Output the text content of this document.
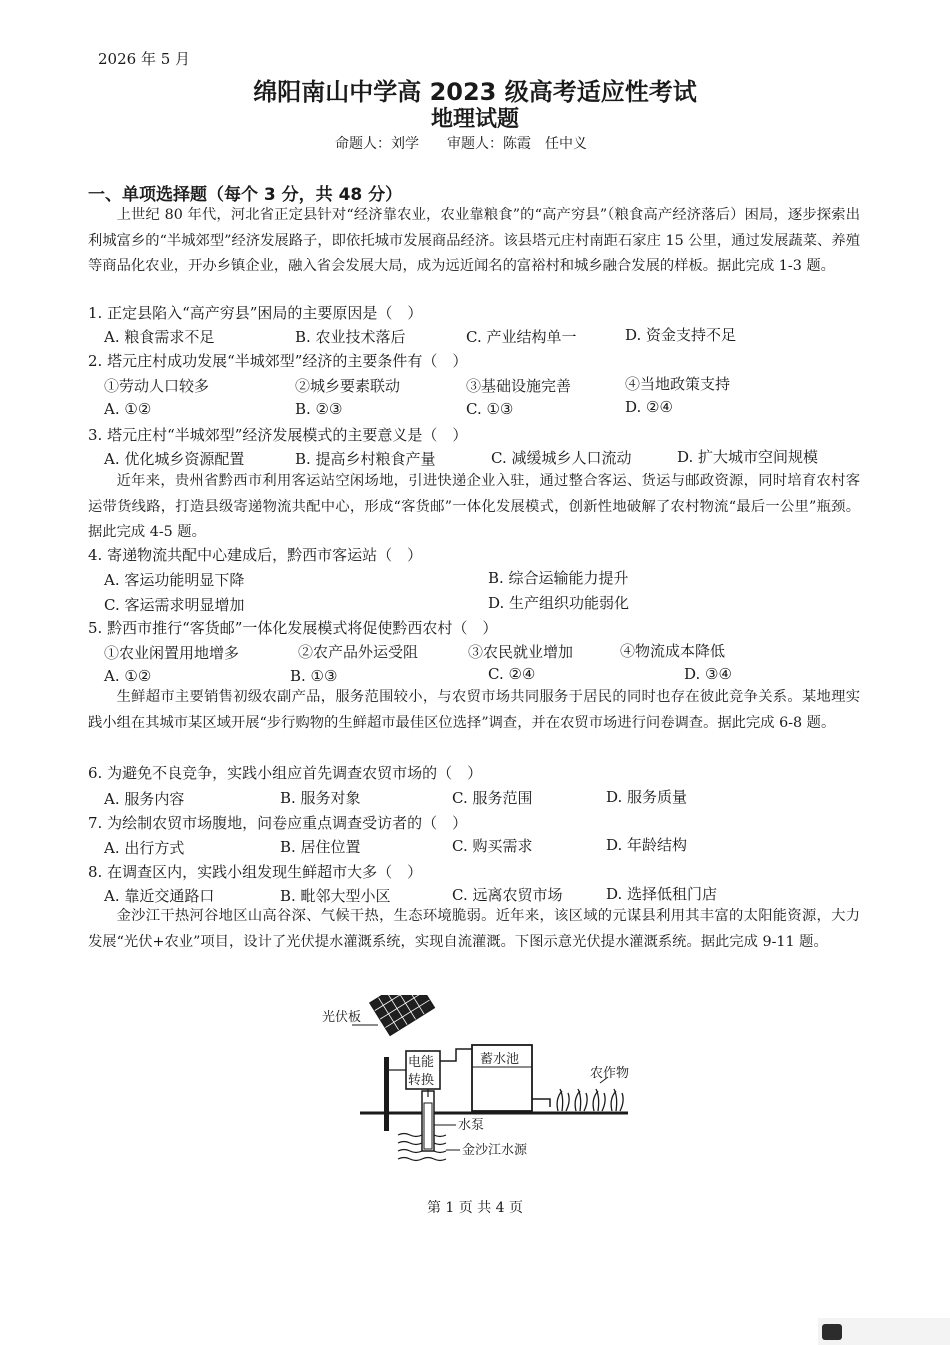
2026 年 5 月
绵阳南山中学高 2023 级高考适应性考试
地理试题
命题人：刘学　　审题人：陈霞　任中义
一、单项选择题（每个 3 分，共 48 分）
上世纪 80 年代，河北省正定县针对“经济靠农业，农业靠粮食”的“高产穷县”（粮食高产经济落后）困局，逐步探索出利城富乡的“半城郊型”经济发展路子，即依托城市发展商品经济。该县塔元庄村南距石家庄 15 公里，通过发展蔬菜、养殖等商品化农业，开办乡镇企业，融入省会发展大局，成为远近闻名的富裕村和城乡融合发展的样板。据此完成 1-3 题。
1. 正定县陷入“高产穷县”困局的主要原因是（　）
A. 粮食需求不足	B. 农业技术落后	C. 产业结构单一	D. 资金支持不足
2. 塔元庄村成功发展“半城郊型”经济的主要条件有（　）
①劳动人口较多	②城乡要素联动	③基础设施完善	④当地政策支持
A. ①②	B. ②③	C. ①③	D. ②④
3. 塔元庄村“半城郊型”经济发展模式的主要意义是（　）
A. 优化城乡资源配置	B. 提高乡村粮食产量	C. 减缓城乡人口流动	D. 扩大城市空间规模
近年来，贵州省黔西市利用客运站空闲场地，引进快递企业入驻，通过整合客运、货运与邮政资源，同时培育农村客运带货线路，打造县级寄递物流共配中心，形成“客货邮”一体化发展模式，创新性地破解了农村物流“最后一公里”瓶颈。据此完成 4-5 题。
4. 寄递物流共配中心建成后，黔西市客运站（　）
A. 客运功能明显下降	B. 综合运输能力提升
C. 客运需求明显增加	D. 生产组织功能弱化
5. 黔西市推行“客货邮”一体化发展模式将促使黔西农村（　）
①农业闲置用地增多	②农产品外运受阻	③农民就业增加	④物流成本降低
A. ①②	B. ①③	C. ②④	D. ③④
生鲜超市主要销售初级农副产品，服务范围较小，与农贸市场共同服务于居民的同时也存在彼此竞争关系。某地理实践小组在其城市某区域开展“步行购物的生鲜超市最佳区位选择”调查，并在农贸市场进行问卷调查。据此完成 6-8 题。
6. 为避免不良竞争，实践小组应首先调查农贸市场的（　）
A. 服务内容	B. 服务对象	C. 服务范围	D. 服务质量
7. 为绘制农贸市场腹地，问卷应重点调查受访者的（　）
A. 出行方式	B. 居住位置	C. 购买需求	D. 年龄结构
8. 在调查区内，实践小组发现生鲜超市大多（　）
A. 靠近交通路口	B. 毗邻大型小区	C. 远离农贸市场	D. 选择低租门店
金沙江干热河谷地区山高谷深、气候干热，生态环境脆弱。近年来，该区域的元谋县利用其丰富的太阳能资源，大力发展“光伏+农业”项目，设计了光伏提水灌溉系统，实现自流灌溉。下图示意光伏提水灌溉系统。据此完成 9-11 题。
光伏板
电能
转换
蓄水池
农作物
水泵
金沙江水源
第 1 页 共 4 页
